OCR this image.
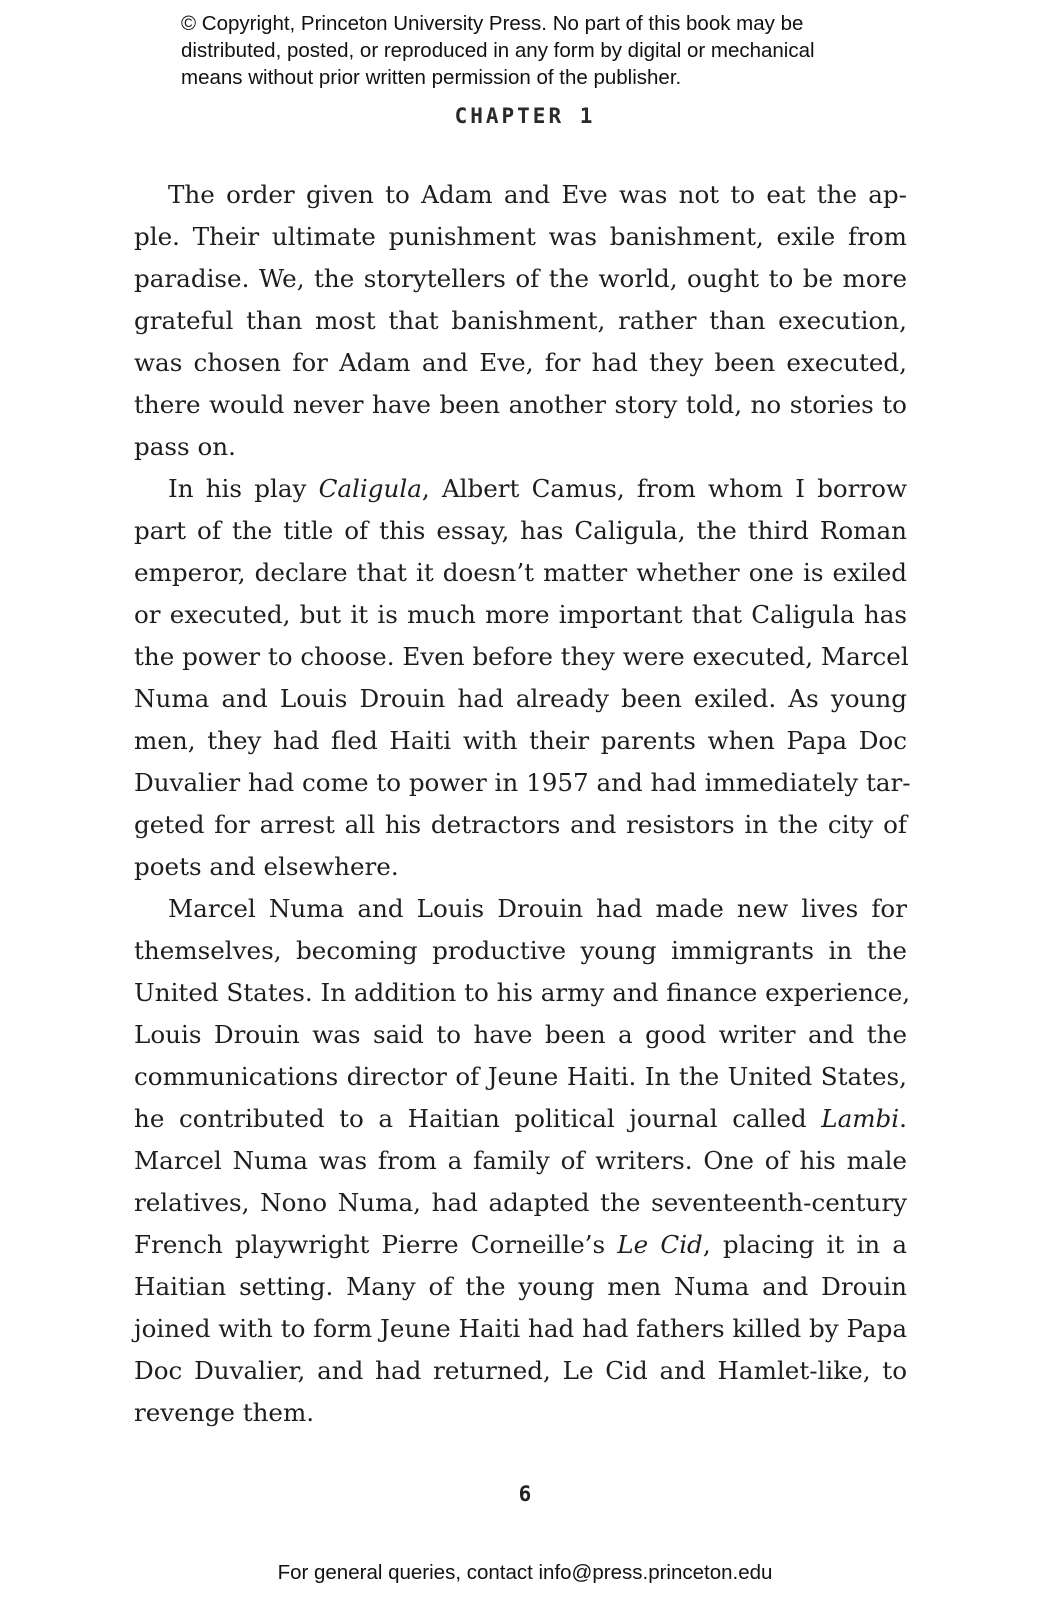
© Copyright, Princeton University Press. No part of this book may be
distributed, posted, or reproduced in any form by digital or mechanical
means without prior written permission of the publisher.
CHAPTER 1
The order given to Adam and Eve was not to eat the ap-
ple. Their ultimate punishment was banishment, exile from
paradise. We, the storytellers of the world, ought to be more
grateful than most that banishment, rather than execution,
was chosen for Adam and Eve, for had they been executed,
there would never have been another story told, no stories to
pass on.
In his play Caligula, Albert Camus, from whom I borrow
part of the title of this essay, has Caligula, the third Roman
emperor, declare that it doesn’t matter whether one is exiled
or executed, but it is much more important that Caligula has
the power to choose. Even before they were executed, Marcel
Numa and Louis Drouin had already been exiled. As young
men, they had fled Haiti with their parents when Papa Doc
Duvalier had come to power in 1957 and had immediately tar-
geted for arrest all his detractors and resistors in the city of
poets and elsewhere.
Marcel Numa and Louis Drouin had made new lives for
themselves, becoming productive young immigrants in the
United States. In addition to his army and finance experience,
Louis Drouin was said to have been a good writer and the
communications director of Jeune Haiti. In the United States,
he contributed to a Haitian political journal called Lambi.
Marcel Numa was from a family of writers. One of his male
relatives, Nono Numa, had adapted the seventeenth-century
French playwright Pierre Corneille’s Le Cid, placing it in a
Haitian setting. Many of the young men Numa and Drouin
joined with to form Jeune Haiti had had fathers killed by Papa
Doc Duvalier, and had returned, Le Cid and Hamlet-like, to
revenge them.
6
For general queries, contact info@press.princeton.edu
